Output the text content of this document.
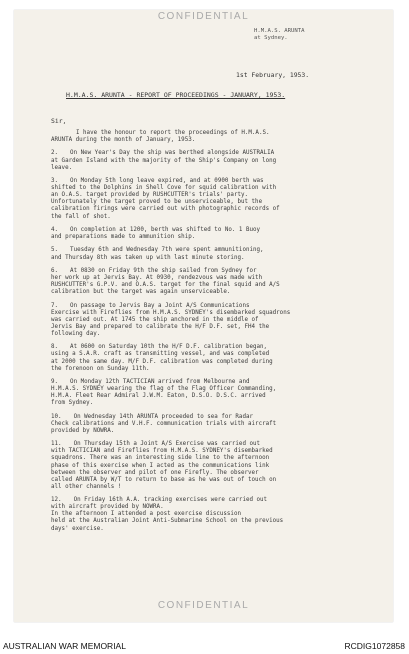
CONFIDENTIAL
H.M.A.S. ARUNTA
at Sydney.
1st February, 1953.
H.M.A.S. ARUNTA - REPORT OF PROCEEDINGS - JANUARY, 1953.
Sir,
I have the honour to report the proceedings of H.M.A.S.
ARUNTA during the month of January, 1953.
2. On New Year's Day the ship was berthed alongside AUSTRALIA
at Garden Island with the majority of the Ship's Company on long
leave.
3. On Monday 5th long leave expired, and at 0900 berth was
shifted to the Dolphins in Shell Cove for squid calibration with
an O.A.S. target provided by RUSHCUTTER's trials' party.
Unfortunately the target proved to be unserviceable, but the
calibration firings were carried out with photographic records of
the fall of shot.
4. On completion at 1200, berth was shifted to No. 1 Buoy
and preparations made to ammunition ship.
5. Tuesday 6th and Wednesday 7th were spent ammunitioning,
and Thursday 8th was taken up with last minute storing.
6. At 0830 on Friday 9th the ship sailed from Sydney for
her work up at Jervis Bay. At 0930, rendezvous was made with
RUSHCUTTER's G.P.V. and O.A.S. target for the final squid and A/S
calibration but the target was again unserviceable.
7. On passage to Jervis Bay a Joint A/S Communications
Exercise with Fireflies from H.M.A.S. SYDNEY's disembarked squadrons
was carried out. At 1745 the ship anchored in the middle of
Jervis Bay and prepared to calibrate the H/F D.F. set, FH4 the
following day.
8. At 0600 on Saturday 10th the H/F D.F. calibration began,
using a S.A.R. craft as transmitting vessel, and was completed
at 2000 the same day. M/F D.F. calibration was completed during
the forenoon on Sunday 11th.
9. On Monday 12th TACTICIAN arrived from Melbourne and
H.M.A.S. SYDNEY wearing the flag of the Flag Officer Commanding,
H.M.A. Fleet Rear Admiral J.W.M. Eaton, D.S.O. D.S.C. arrived
from Sydney.
10. On Wednesday 14th ARUNTA proceeded to sea for Radar
Check calibrations and V.H.F. communication trials with aircraft
provided by NOWRA.
11. On Thursday 15th a Joint A/S Exercise was carried out
with TACTICIAN and Fireflies from H.M.A.S. SYDNEY's disembarked
squadrons. There was an interesting side line to the afternoon
phase of this exercise when I acted as the communications link
between the observer and pilot of one Firefly. The observer
called ARUNTA by W/T to return to base as he was out of touch on
all other channels !
12. On Friday 16th A.A. tracking exercises were carried out
with aircraft provided by NOWRA.
In the afternoon I attended a post exercise discussion
held at the Australian Joint Anti-Submarine School on the previous
days' exercise.
CONFIDENTIAL
AUSTRALIAN WAR MEMORIAL	RCDIG1072858
